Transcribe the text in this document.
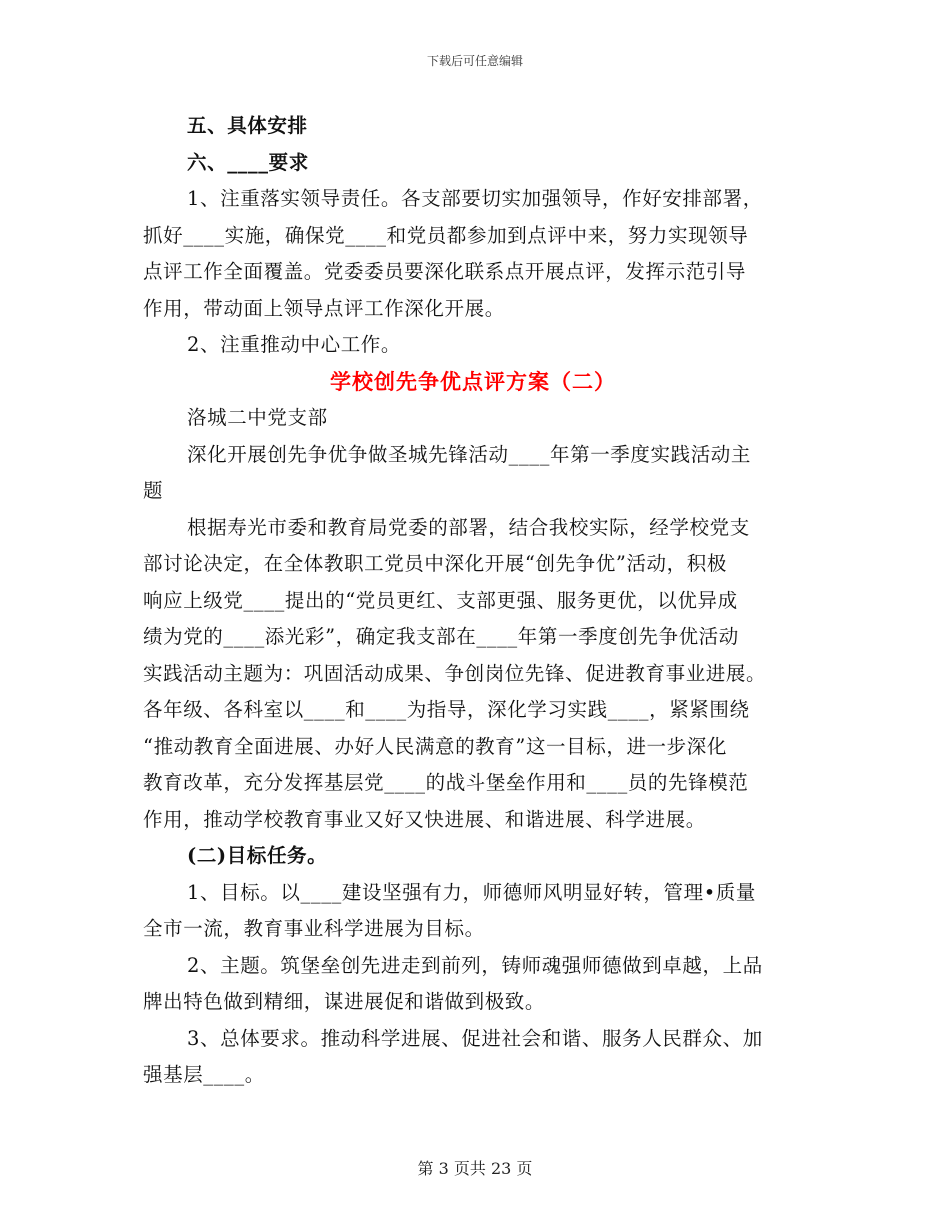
下载后可任意编辑
五、具体安排
六、____要求
1、注重落实领导责任。各支部要切实加强领导，作好安排部署，
抓好____实施，确保党____和党员都参加到点评中来，努力实现领导
点评工作全面覆盖。党委委员要深化联系点开展点评，发挥示范引导
作用，带动面上领导点评工作深化开展。
2、注重推动中心工作。
学校创先争优点评方案（二）
洛城二中党支部
深化开展创先争优争做圣城先锋活动____年第一季度实践活动主
题
根据寿光市委和教育局党委的部署，结合我校实际，经学校党支
部讨论决定，在全体教职工党员中深化开展“创先争优”活动，积极
响应上级党____提出的“党员更红、支部更强、服务更优，以优异成
绩为党的____添光彩”，确定我支部在____年第一季度创先争优活动
实践活动主题为：巩固活动成果、争创岗位先锋、促进教育事业进展。
各年级、各科室以____和____为指导，深化学习实践____，紧紧围绕
“推动教育全面进展、办好人民满意的教育”这一目标，进一步深化
教育改革，充分发挥基层党____的战斗堡垒作用和____员的先锋模范
作用，推动学校教育事业又好又快进展、和谐进展、科学进展。
(二)目标任务。
1、目标。以____建设坚强有力，师德师风明显好转，管理•质量
全市一流，教育事业科学进展为目标。
2、主题。筑堡垒创先进走到前列，铸师魂强师德做到卓越，上品
牌出特色做到精细，谋进展促和谐做到极致。
3、总体要求。推动科学进展、促进社会和谐、服务人民群众、加
强基层____。
第 3 页共 23 页
